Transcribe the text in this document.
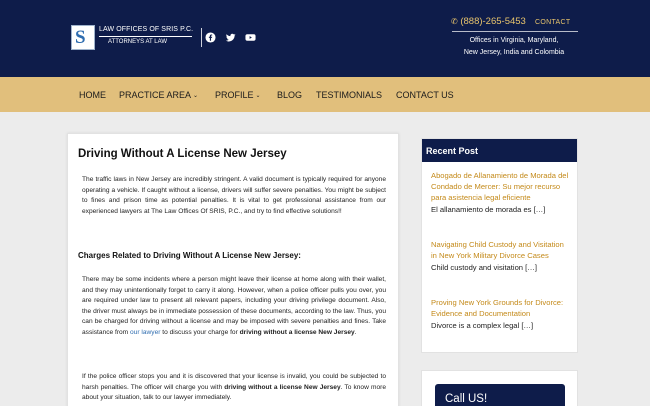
S LAW OFFICES OF SRIS P.C.
ATTORNEYS AT LAW
✆ (888)-265-5453 CONTACT
Offices in Virginia, Maryland,
New Jersey, India and Colombia
HOME PRACTICE AREA ⌄ PROFILE ⌄ BLOG TESTIMONIALS CONTACT US
Driving Without A License New Jersey
The traffic laws in New Jersey are incredibly stringent. A valid document is typically required for anyone operating a vehicle. If caught without a license, drivers will suffer severe penalties. You might be subject to fines and prison time as potential penalties. It is vital to get professional assistance from our experienced lawyers at The Law Offices Of SRIS, P.C., and try to find effective solutions!!
Charges Related to Driving Without A License New Jersey:
There may be some incidents where a person might leave their license at home along with their wallet, and they may unintentionally forget to carry it along. However, when a police officer pulls you over, you are required under law to present all relevant papers, including your driving privilege document. Also, the driver must always be in immediate possession of these documents, according to the law. Thus, you can be charged for driving without a license and may be imposed with severe penalties and fines. Take assistance from our lawyer to discuss your charge for driving without a license New Jersey.
If the police officer stops you and it is discovered that your license is invalid, you could be subjected to harsh penalties. The officer will charge you with driving without a license New Jersey. To know more about your situation, talk to our lawyer immediately.
Recent Post
Abogado de Allanamiento de Morada del Condado de Mercer: Su mejor recurso para asistencia legal eficiente
El allanamiento de morada es […]
Navigating Child Custody and Visitation in New York Military Divorce Cases
Child custody and visitation […]
Proving New York Grounds for Divorce: Evidence and Documentation
Divorce is a complex legal […]
Call US!
